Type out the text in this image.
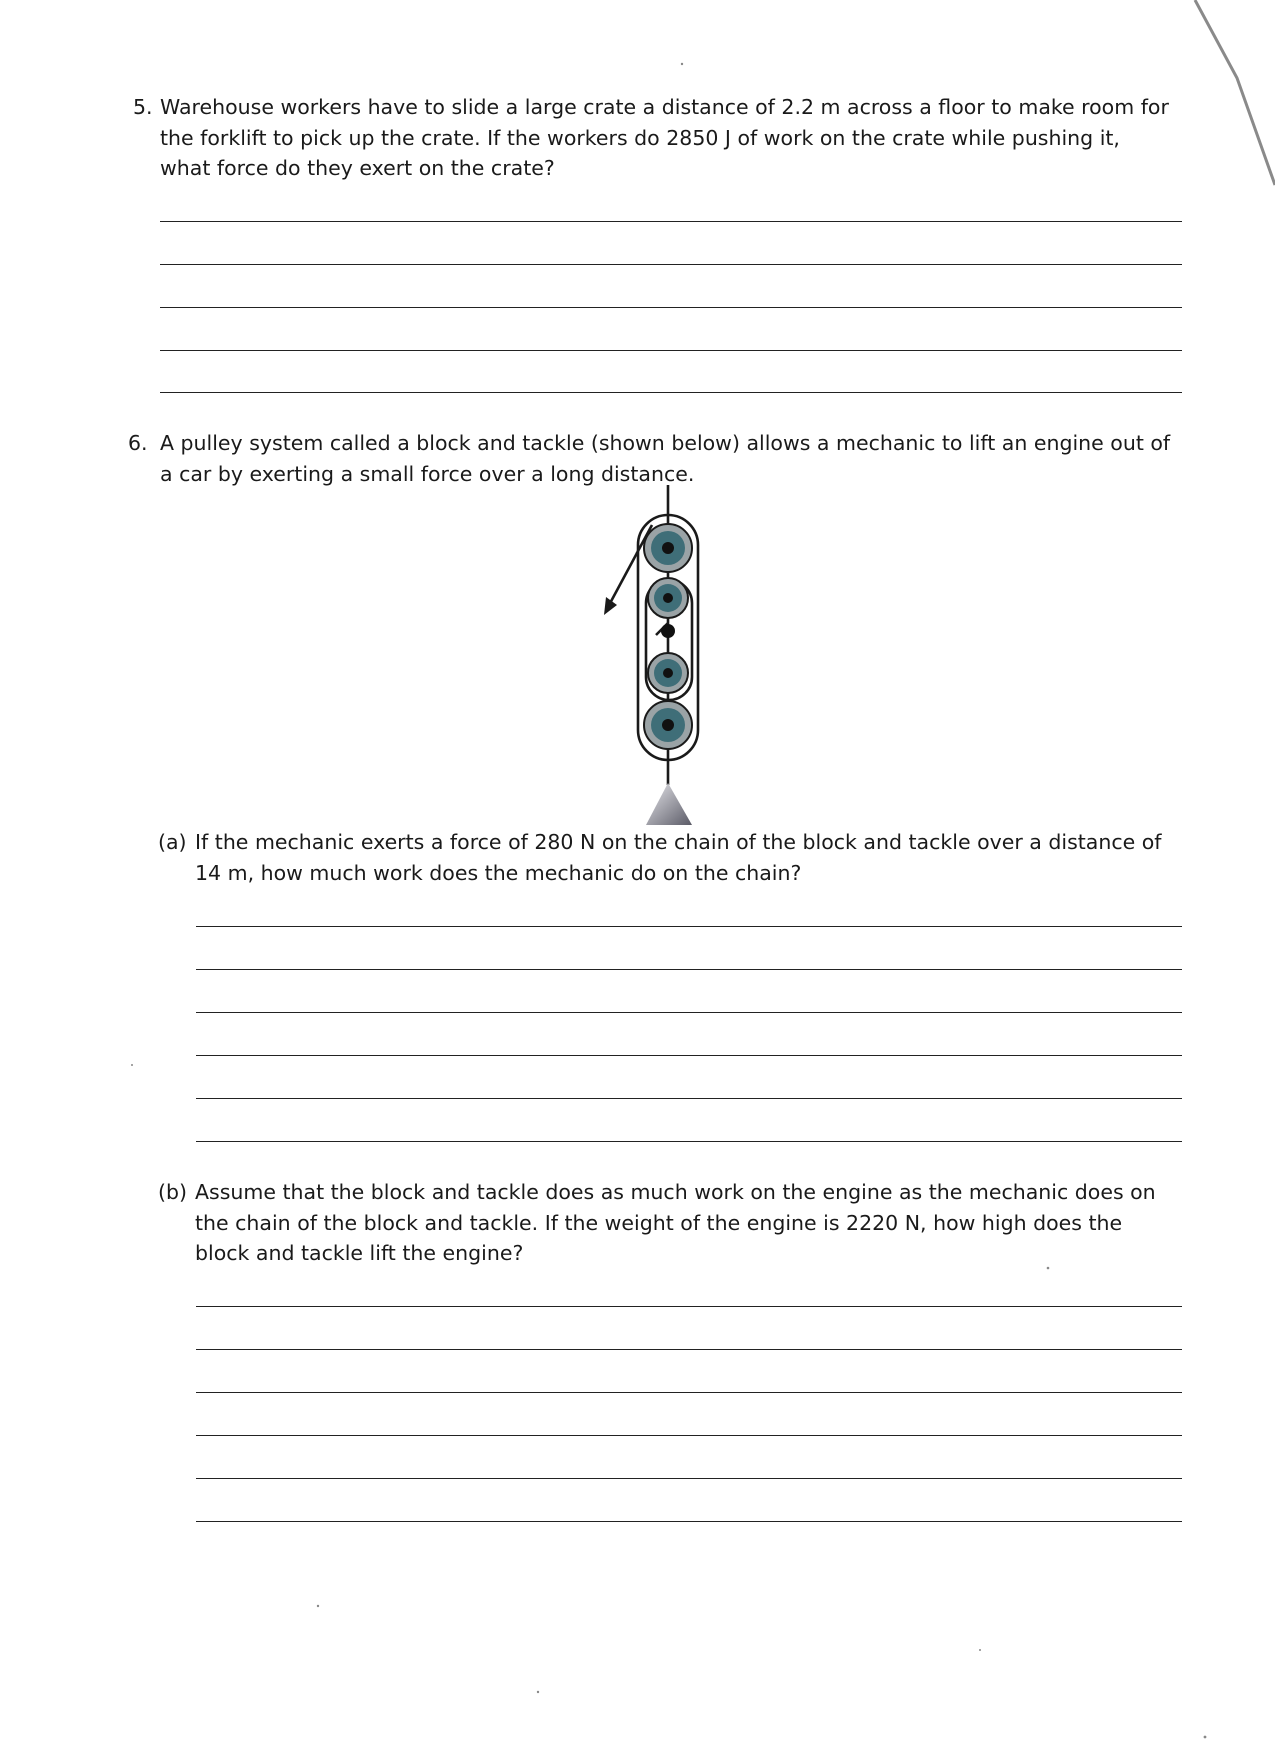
5. Warehouse workers have to slide a large crate a distance of 2.2 m across a floor to make room for the forklift to pick up the crate. If the workers do 2850 J of work on the crate while pushing it, what force do they exert on the crate?

6. A pulley system called a block and tackle (shown below) allows a mechanic to lift an engine out of a car by exerting a small force over a long distance.

(a) If the mechanic exerts a force of 280 N on the chain of the block and tackle over a distance of 14 m, how much work does the mechanic do on the chain?

(b) Assume that the block and tackle does as much work on the engine as the mechanic does on the chain of the block and tackle. If the weight of the engine is 2220 N, how high does the block and tackle lift the engine?
